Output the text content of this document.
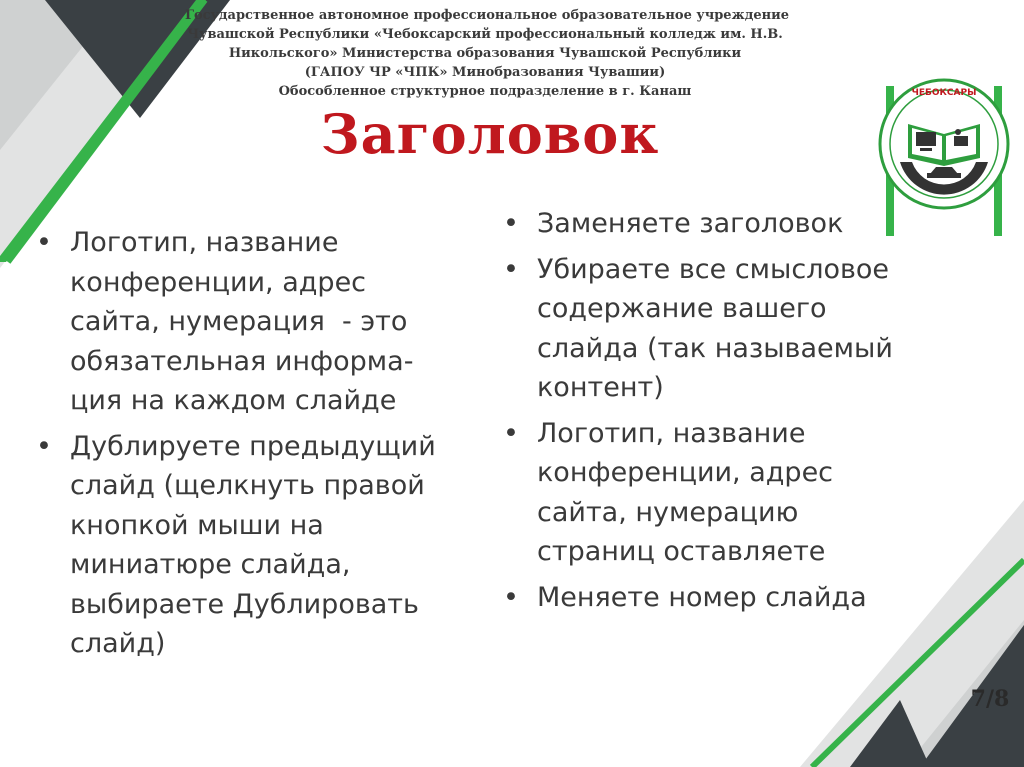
Государственное автономное профессиональное образовательное учреждение
Чувашской Республики «Чебоксарский профессиональный колледж им. Н.В.
Никольского» Министерства образования Чувашской Республики
(ГАПОУ ЧР «ЧПК» Минобразования Чувашии)
Обособленное структурное подразделение в г. Канаш
Заголовок
ЧЕБОКСАРЫ
• Логотип, название
конференции, адрес
сайта, нумерация  - это
обязательная информа-
ция на каждом слайде
• Дублируете предыдущий
слайд (щелкнуть правой
кнопкой мыши на
миниатюре слайда,
выбираете Дублировать
слайд)
• Заменяете заголовок
• Убираете все смысловое
содержание вашего
слайда (так называемый
контент)
• Логотип, название
конференции, адрес
сайта, нумерацию
страниц оставляете
• Меняете номер слайда
7/8
